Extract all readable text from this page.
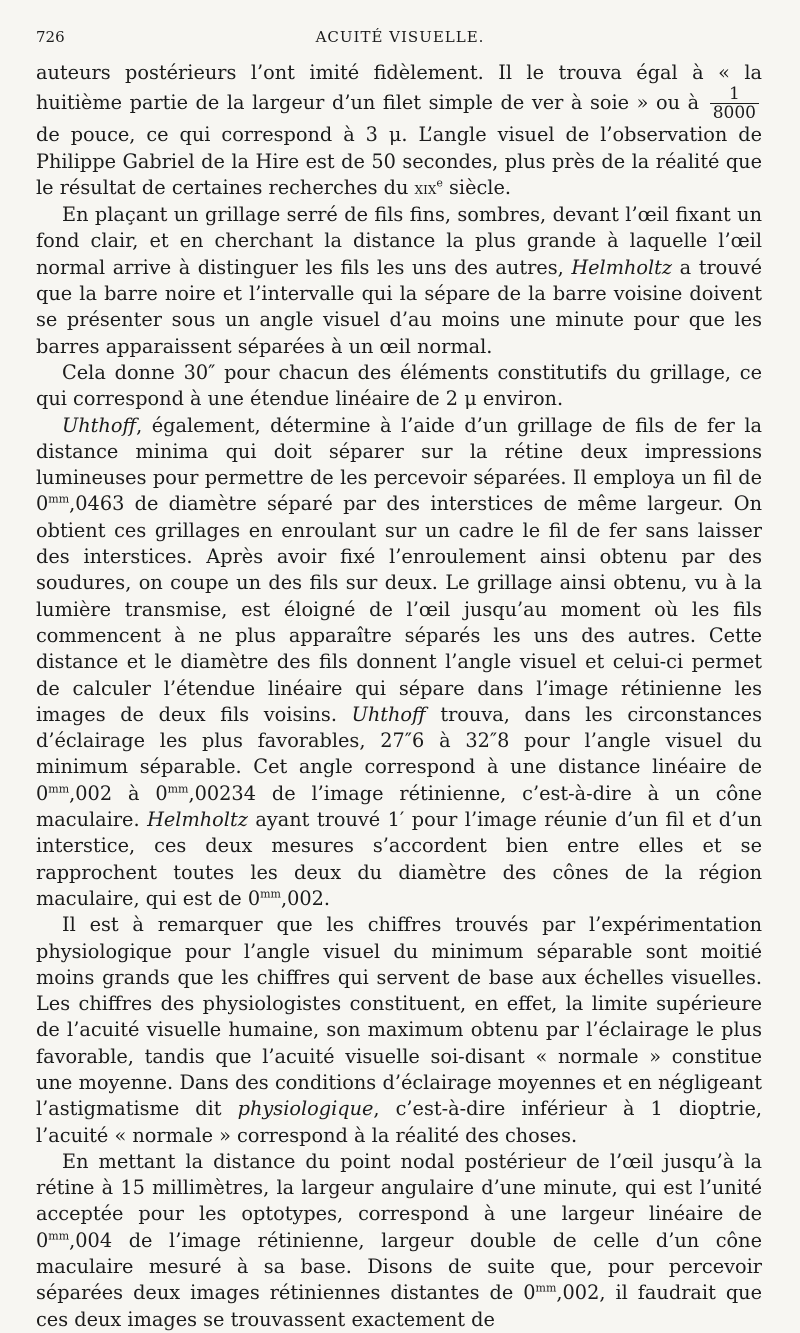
726	ACUITÉ VISUELLE.

auteurs postérieurs l’ont imité fidèlement. Il le trouva égal à « la huitième partie de la largeur d’un filet simple de ver à soie » ou à $\frac{1}{8000}$
de pouce, ce qui correspond à 3 μ. L’angle visuel de l’observation de Philippe Gabriel de la Hire est de 50 secondes, plus près de la réalité que le résultat de certaines recherches du xix$^e$ siècle.

En plaçant un grillage serré de fils fins, sombres, devant l’œil fixant un fond clair, et en cherchant la distance la plus grande à laquelle l’œil normal arrive à distinguer les fils les uns des autres, Helmholtz a trouvé que la barre noire et l’intervalle qui la sépare de la barre voisine doivent se présenter sous un angle visuel d’au moins une minute pour que les barres apparaissent séparées à un œil normal.

Cela donne 30″ pour chacun des éléments constitutifs du grillage, ce qui correspond à une étendue linéaire de 2 μ environ.

Uhthoff, également, détermine à l’aide d’un grillage de fils de fer la distance minima qui doit séparer sur la rétine deux impressions lumineuses pour permettre de les percevoir séparées. Il employa un fil de $0^{mm},0463$ de diamètre séparé par des interstices de même largeur. On obtient ces grillages en enroulant sur un cadre le fil de fer sans laisser des interstices. Après avoir fixé l’enroulement ainsi obtenu par des soudures, on coupe un des fils sur deux. Le grillage ainsi obtenu, vu à la lumière transmise, est éloigné de l’œil jusqu’au moment où les fils commencent à ne plus apparaître séparés les uns des autres. Cette distance et le diamètre des fils donnent l’angle visuel et celui-ci permet de calculer l’étendue linéaire qui sépare dans l’image rétinienne les images de deux fils voisins. Uhthoff trouva, dans les circonstances d’éclairage les plus favorables, 27″6 à 32″8 pour l’angle visuel du minimum séparable. Cet angle correspond à une distance linéaire de $0^{mm},002$ à $0^{mm},00234$ de l’image rétinienne, c’est-à-dire à un cône maculaire. Helmholtz ayant trouvé 1′ pour l’image réunie d’un fil et d’un interstice, ces deux mesures s’accordent bien entre elles et se rapprochent toutes les deux du diamètre des cônes de la région maculaire, qui est de $0^{mm},002$.

Il est à remarquer que les chiffres trouvés par l’expérimentation physiologique pour l’angle visuel du minimum séparable sont moitié moins grands que les chiffres qui servent de base aux échelles visuelles. Les chiffres des physiologistes constituent, en effet, la limite supérieure de l’acuité visuelle humaine, son maximum obtenu par l’éclairage le plus favorable, tandis que l’acuité visuelle soi-disant « normale » constitue une moyenne. Dans des conditions d’éclairage moyennes et en négligeant l’astigmatisme dit physiologique, c’est-à-dire inférieur à 1 dioptrie, l’acuité « normale » correspond à la réalité des choses.

En mettant la distance du point nodal postérieur de l’œil jusqu’à la rétine à 15 millimètres, la largeur angulaire d’une minute, qui est l’unité acceptée pour les optotypes, correspond à une largeur linéaire de $0^{mm},004$ de l’image rétinienne, largeur double de celle d’un cône maculaire mesuré à sa base. Disons de suite que, pour percevoir séparées deux images rétiniennes distantes de $0^{mm},002$, il faudrait que ces deux images se trouvassent exactement de
